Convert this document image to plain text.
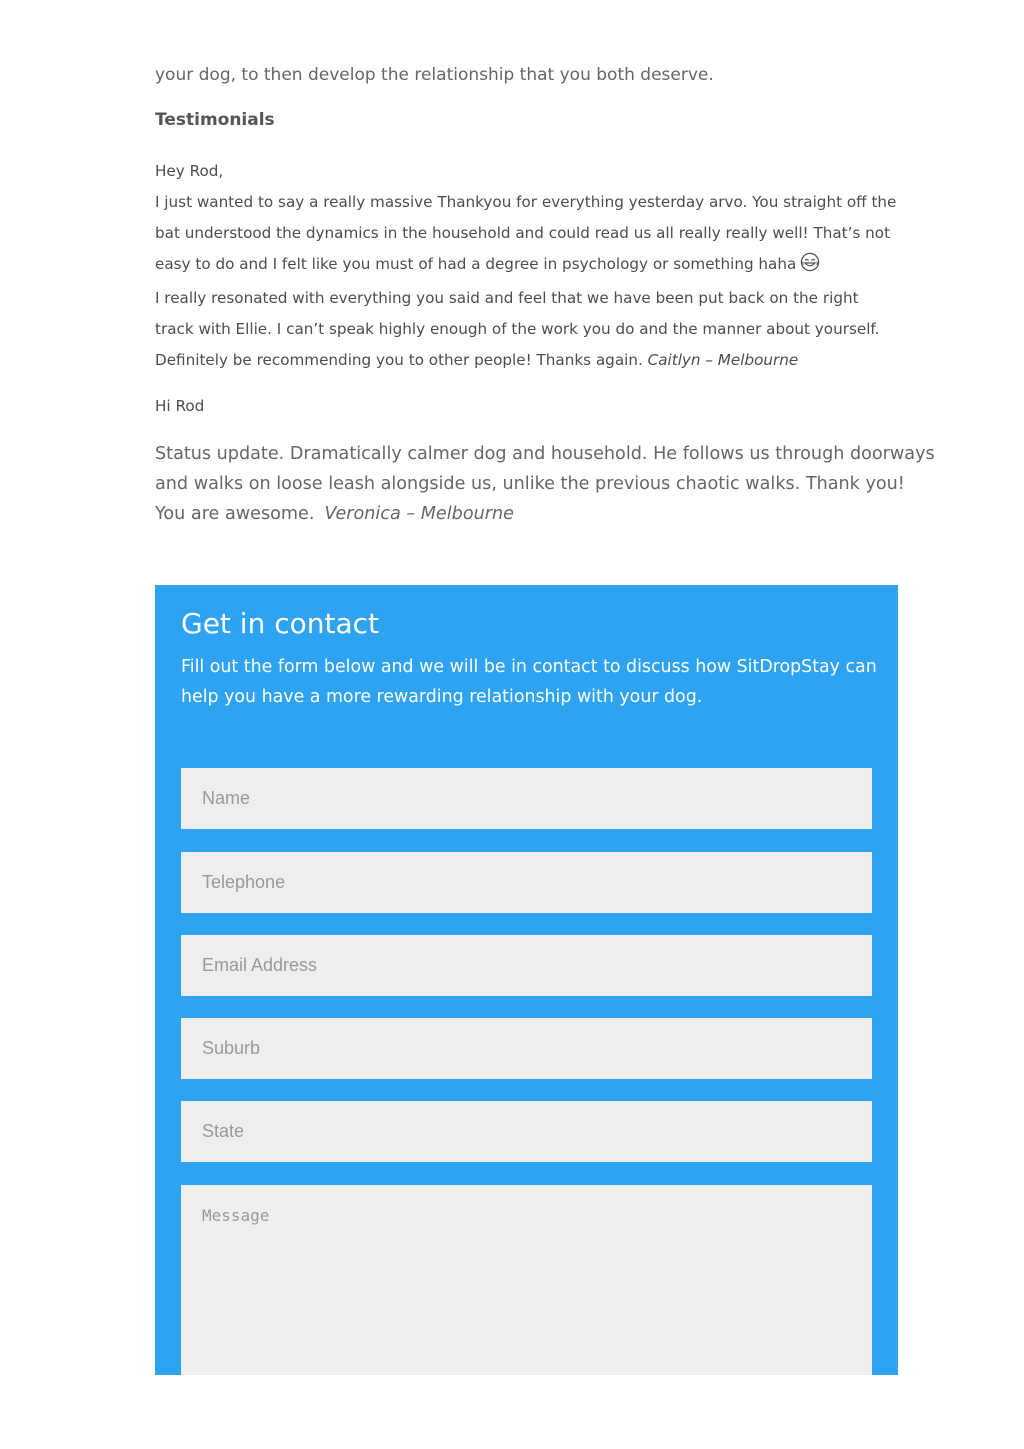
your dog, to then develop the relationship that you both deserve.
Testimonials
Hey Rod,
I just wanted to say a really massive Thankyou for everything yesterday arvo. You straight off the
bat understood the dynamics in the household and could read us all really really well! That’s not
easy to do and I felt like you must of had a degree in psychology or something haha
I really resonated with everything you said and feel that we have been put back on the right
track with Ellie. I can’t speak highly enough of the work you do and the manner about yourself.
Definitely be recommending you to other people! Thanks again. Caitlyn – Melbourne
Hi Rod
Status update. Dramatically calmer dog and household. He follows us through doorways
and walks on loose leash alongside us, unlike the previous chaotic walks. Thank you!
You are awesome. Veronica – Melbourne
Get in contact
Fill out the form below and we will be in contact to discuss how SitDropStay can
help you have a more rewarding relationship with your dog.
Name
Telephone
Email Address
Suburb
State
Message
